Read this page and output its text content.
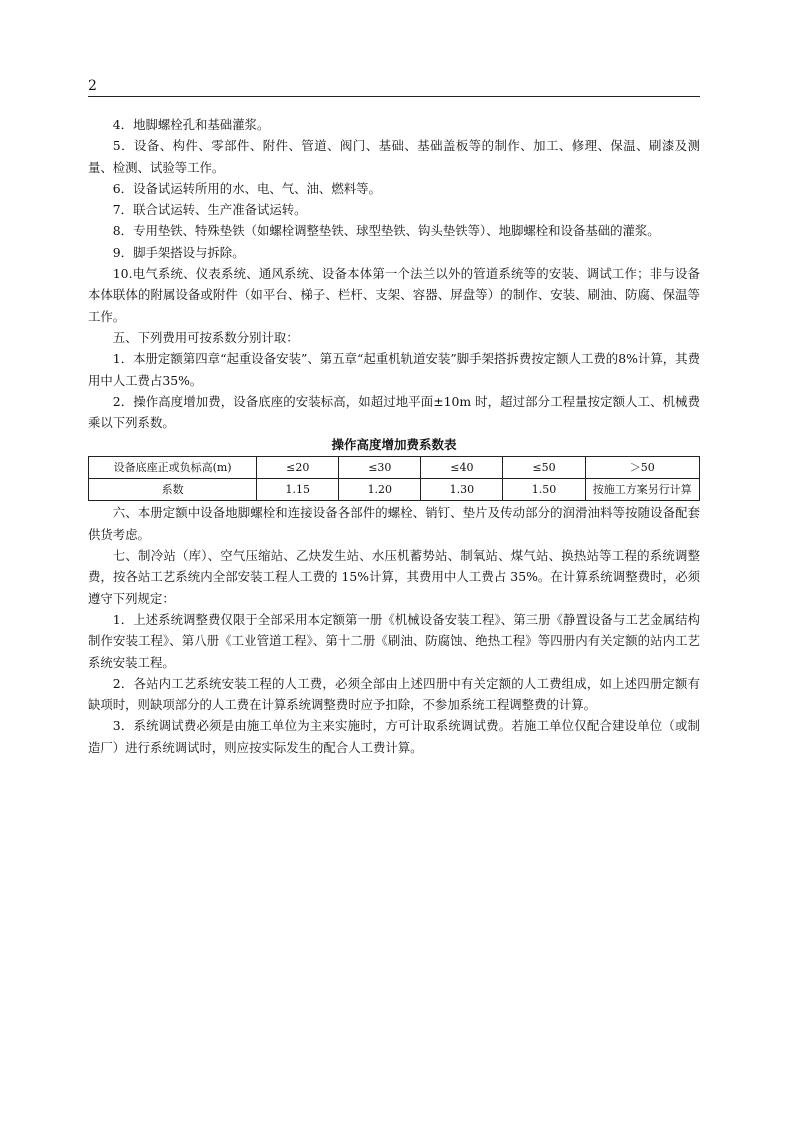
2

4．地脚螺栓孔和基础灌浆。

5．设备、构件、零部件、附件、管道、阀门、基础、基础盖板等的制作、加工、修理、保温、刷漆及测量、检测、试验等工作。

6．设备试运转所用的水、电、气、油、燃料等。

7．联合试运转、生产准备试运转。

8．专用垫铁、特殊垫铁（如螺栓调整垫铁、球型垫铁、钩头垫铁等）、地脚螺栓和设备基础的灌浆。

9．脚手架搭设与拆除。

10.电气系统、仪表系统、通风系统、设备本体第一个法兰以外的管道系统等的安装、调试工作；非与设备本体联体的附属设备或附件（如平台、梯子、栏杆、支架、容器、屏盘等）的制作、安装、刷油、防腐、保温等工作。

五、下列费用可按系数分别计取：

1．本册定额第四章“起重设备安装”、第五章“起重机轨道安装”脚手架搭拆费按定额人工费的8%计算，其费用中人工费占35%。

2．操作高度增加费，设备底座的安装标高，如超过地平面±10m 时，超过部分工程量按定额人工、机械费乘以下列系数。

操作高度增加费系数表
设备底座正或负标高(m)	≤20	≤30	≤40	≤50	＞50
系数	1.15	1.20	1.30	1.50	按施工方案另行计算

六、本册定额中设备地脚螺栓和连接设备各部件的螺栓、销钉、垫片及传动部分的润滑油料等按随设备配套供货考虑。

七、制冷站（库）、空气压缩站、乙炔发生站、水压机蓄势站、制氧站、煤气站、换热站等工程的系统调整费，按各站工艺系统内全部安装工程人工费的 15%计算，其费用中人工费占 35%。在计算系统调整费时，必须遵守下列规定：

1．上述系统调整费仅限于全部采用本定额第一册《机械设备安装工程》、第三册《静置设备与工艺金属结构制作安装工程》、第八册《工业管道工程》、第十二册《刷油、防腐蚀、绝热工程》等四册内有关定额的站内工艺系统安装工程。

2．各站内工艺系统安装工程的人工费，必须全部由上述四册中有关定额的人工费组成，如上述四册定额有缺项时，则缺项部分的人工费在计算系统调整费时应予扣除，不参加系统工程调整费的计算。

3．系统调试费必须是由施工单位为主来实施时，方可计取系统调试费。若施工单位仅配合建设单位（或制造厂）进行系统调试时，则应按实际发生的配合人工费计算。
